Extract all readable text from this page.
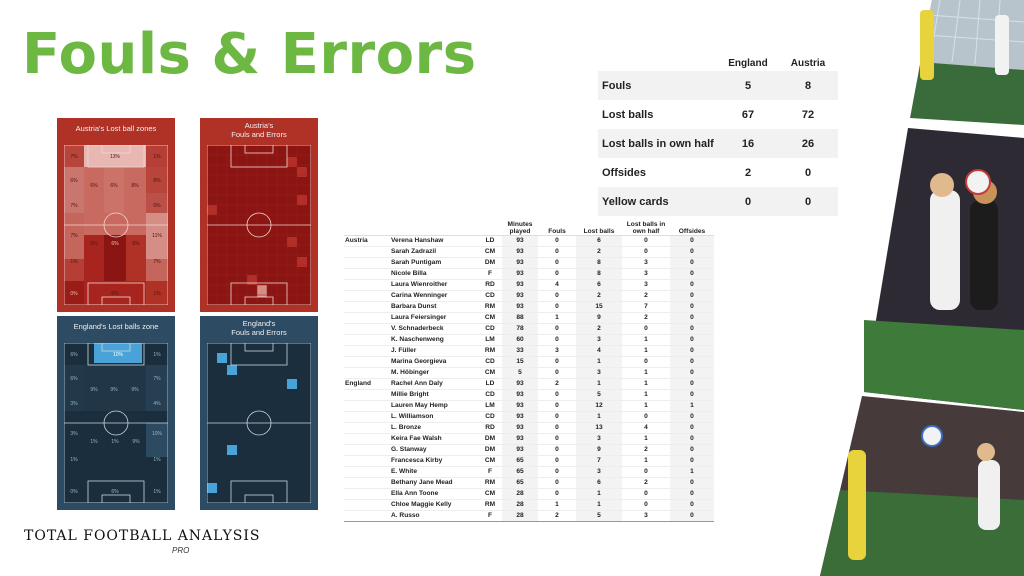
Fouls & Errors
Austria's Lost ball zones
7%	13%	1%
6%
6%	6%	8%
8%
7%	6%
7%
6%	6%	6%
11%
1%	7%
0%	6%	1%
Austria's
Fouls and Errors
England's Lost balls zone
6%	10%	1%
6%
9%	9%	9%
7%
3%	4%
3%
1%	1%	9%
10%
1%	1%
0%	6%	1%
England's
Fouls and Errors
	England	Austria
Fouls	5	8
Lost balls	67	72
Lost balls in own half	16	26
Offsides	2	0
Yellow cards	0	0
			Minutes played	Fouls	Lost balls	Lost balls in own half	Offsides
Austria	Verena Hanshaw	LD	93	0	6	0	0
	Sarah Zadrazil	CM	93	0	2	0	0
	Sarah Puntigam	DM	93	0	8	3	0
	Nicole Billa	F	93	0	8	3	0
	Laura Wienroither	RD	93	4	6	3	0
	Carina Wenninger	CD	93	0	2	2	0
	Barbara Dunst	RM	93	0	15	7	0
	Laura Feiersinger	CM	88	1	9	2	0
	V. Schnaderbeck	CD	78	0	2	0	0
	K. Naschenweng	LM	60	0	3	1	0
	J. Füller	RM	33	3	4	1	0
	Marina Georgieva	CD	15	0	1	0	0
	M. Höbinger	CM	5	0	3	1	0
England	Rachel Ann Daly	LD	93	2	1	1	0
	Millie Bright	CD	93	0	5	1	0
	Lauren May Hemp	LM	93	0	12	1	1
	L. Williamson	CD	93	0	1	0	0
	L. Bronze	RD	93	0	13	4	0
	Keira Fae Walsh	DM	93	0	3	1	0
	G. Stanway	DM	93	0	9	2	0
	Francesca Kirby	CM	65	0	7	1	0
	E. White	F	65	0	3	0	1
	Bethany Jane Mead	RM	65	0	6	2	0
	Ella Ann Toone	CM	28	0	1	0	0
	Chloe Maggie Kelly	RM	28	1	1	0	0
	A. Russo	F	28	2	5	3	0
TOTAL FOOTBALL ANALYSIS
PRO
